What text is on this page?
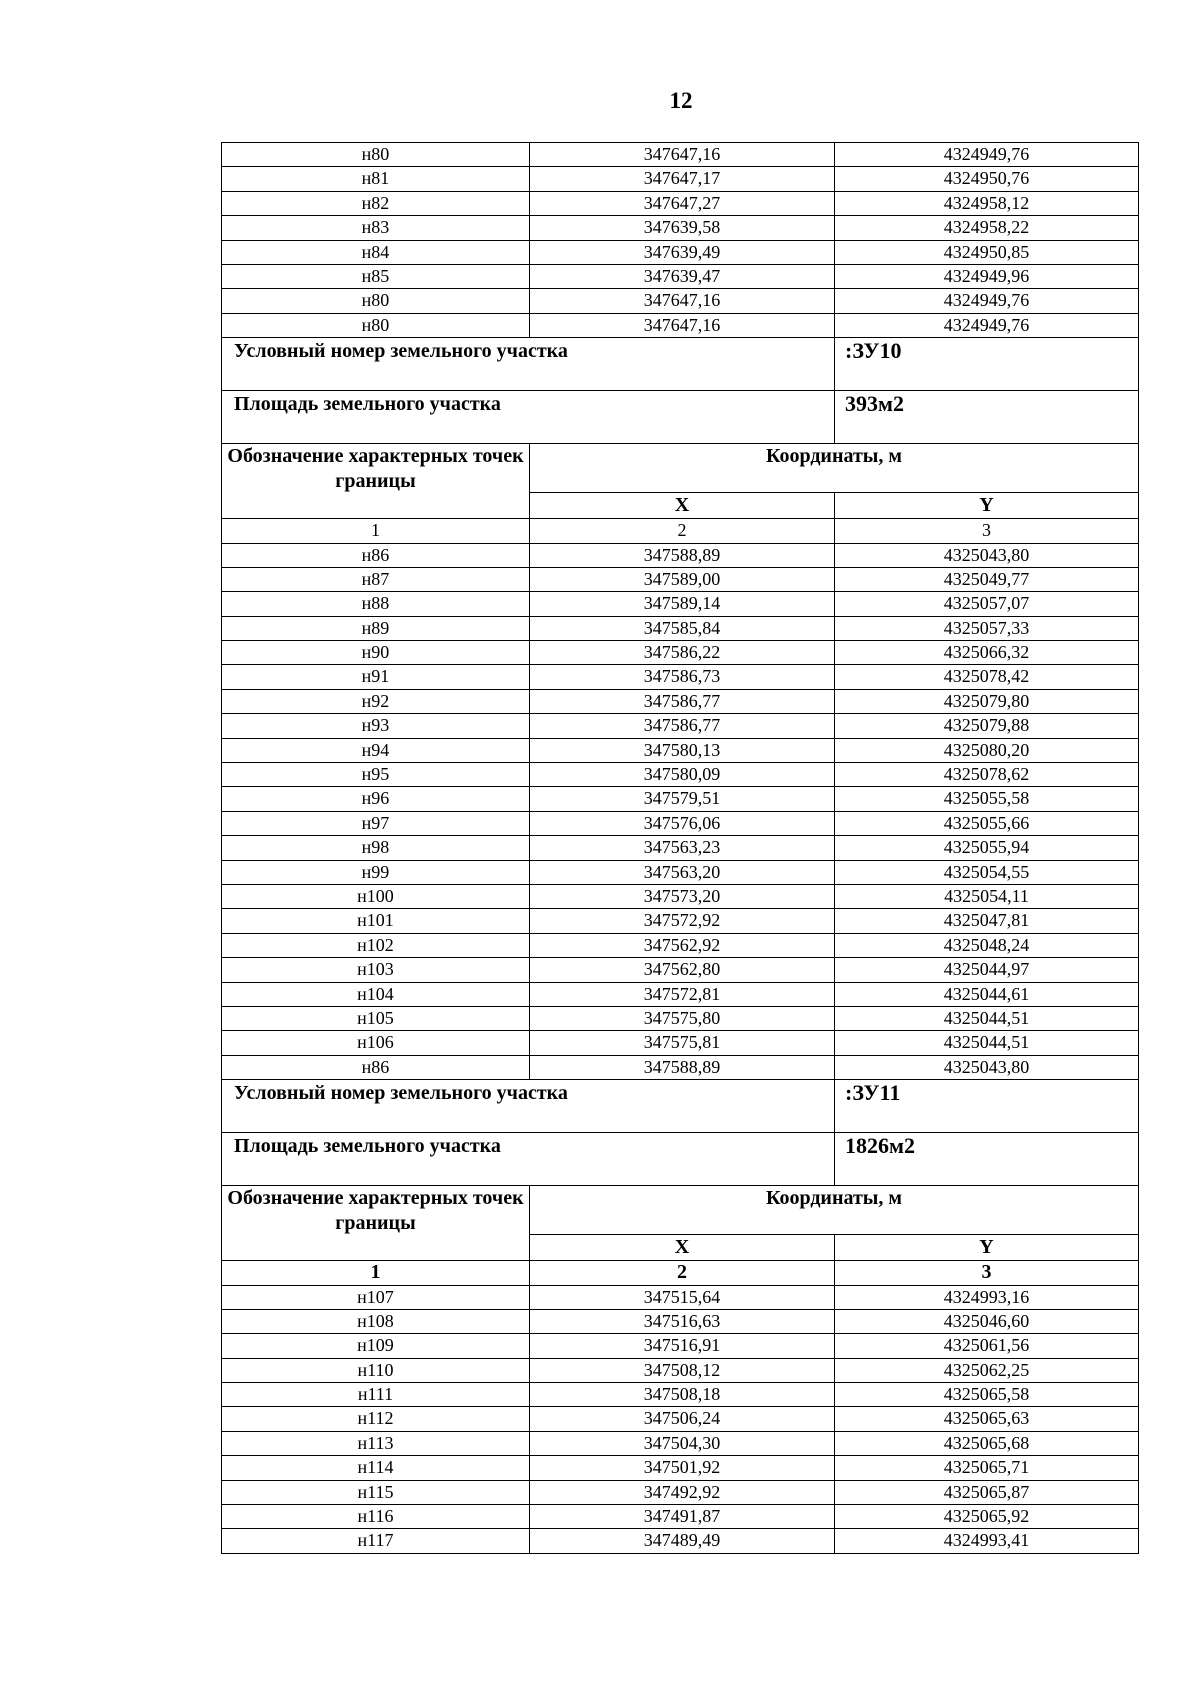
12
н80	347647,16	4324949,76
н81	347647,17	4324950,76
н82	347647,27	4324958,12
н83	347639,58	4324958,22
н84	347639,49	4324950,85
н85	347639,47	4324949,96
н80	347647,16	4324949,76
н80	347647,16	4324949,76
Условный номер земельного участка		:ЗУ10
Площадь земельного участка		393м2
Обозначение характерных точек границы	Координаты, м	
	X	Y
1	2	3
н86	347588,89	4325043,80
н87	347589,00	4325049,77
н88	347589,14	4325057,07
н89	347585,84	4325057,33
н90	347586,22	4325066,32
н91	347586,73	4325078,42
н92	347586,77	4325079,80
н93	347586,77	4325079,88
н94	347580,13	4325080,20
н95	347580,09	4325078,62
н96	347579,51	4325055,58
н97	347576,06	4325055,66
н98	347563,23	4325055,94
н99	347563,20	4325054,55
н100	347573,20	4325054,11
н101	347572,92	4325047,81
н102	347562,92	4325048,24
н103	347562,80	4325044,97
н104	347572,81	4325044,61
н105	347575,80	4325044,51
н106	347575,81	4325044,51
н86	347588,89	4325043,80
Условный номер земельного участка		:ЗУ11
Площадь земельного участка		1826м2
Обозначение характерных точек границы	Координаты, м	
	X	Y
1	2	3
н107	347515,64	4324993,16
н108	347516,63	4325046,60
н109	347516,91	4325061,56
н110	347508,12	4325062,25
н111	347508,18	4325065,58
н112	347506,24	4325065,63
н113	347504,30	4325065,68
н114	347501,92	4325065,71
н115	347492,92	4325065,87
н116	347491,87	4325065,92
н117	347489,49	4324993,41
